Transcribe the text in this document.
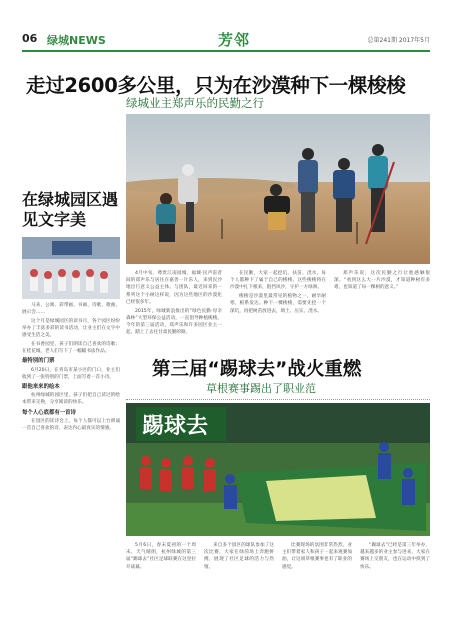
06 绿城NEWS	芳邻	总第241期 2017年5月
走过2600多公里，只为在沙漠种下一棵梭梭
绿城业主郑声乐的民勤之行
在绿城园区遇见文字美

马来、公寓、彩带画、书画、诗歌、歌曲、展示会……

这个月是绿城园区的读书月，各个园区纷纷举办了丰富多彩的读书活动，让业主们在文字中感受生活之美。

在书香园里，孩子们朗读自己喜欢的诗歌；在桂花城，老人们写下了一幅幅书法作品。

最特别的门票

6月20日，在青岛市某小区的门口，业主们收到了一张特别的门票，上面写着一首小诗。

跟他来来的绘本

杭州绿城的园区里，孩子们把自己读过的绘本带来交换，分享阅读的快乐。

每个人心底都有一首诗

在园区的读诗会上，每个人都可以上台朗诵一首自己喜欢的诗，表达内心最真实的情感。

4月中旬，尊贵江南园城，福城·民声雷者间的郑声乐与居住在嘉善一片乐人，来到民沙地出行意义公益主体。与团队，最近回来的一系列这个小树这样说，因为这些地区的沙漠化已经很多年。

2015年，绿城新浪推出的“绿色民勤·母亲森林”大型环保公益活动，一直倡导种植梭梭。今年的第三届活动，郑声乐和许多园区业主一起，踏上了去往甘肃民勤的路。

在民勤，大家一起挖坑、扶苗、浇水，每个人都种下了属于自己的梭梭。这些梭梭将在沙漠中扎下根来，阻挡风沙，守护一方绿洲。

梭梭是沙漠里最常见的植物之一，耐旱耐寒，根系发达。种下一棵梭梭，需要先挖一个深坑，再把树苗放进去，填土、压实、浇水。

郑声乐说，这次民勤之行让他感触很深。“看到这么大一片沙漠，才知道种树有多难，也知道了每一棵树的意义。”

第三届“踢球去”战火重燃
草根赛事踢出了职业范
踢球去

5月6日，春末夏初的一个周末，天气晴朗，杭州绿城的第三届“踢球去”社区足球联赛在这里拉开战幕。

来自多个园区的球队参加了这次比赛，大家在绿茵场上奔跑拼搏，展现了社区足球的活力与热情。

比赛现场的氛围非常热烈，业主们带着家人和孩子一起来观赛加油，让这项草根赛事也有了职业的感觉。

“踢球去”已经是第三年举办，越来越多的业主参与进来，大家在赛场上交朋友，也在运动中找到了快乐。
